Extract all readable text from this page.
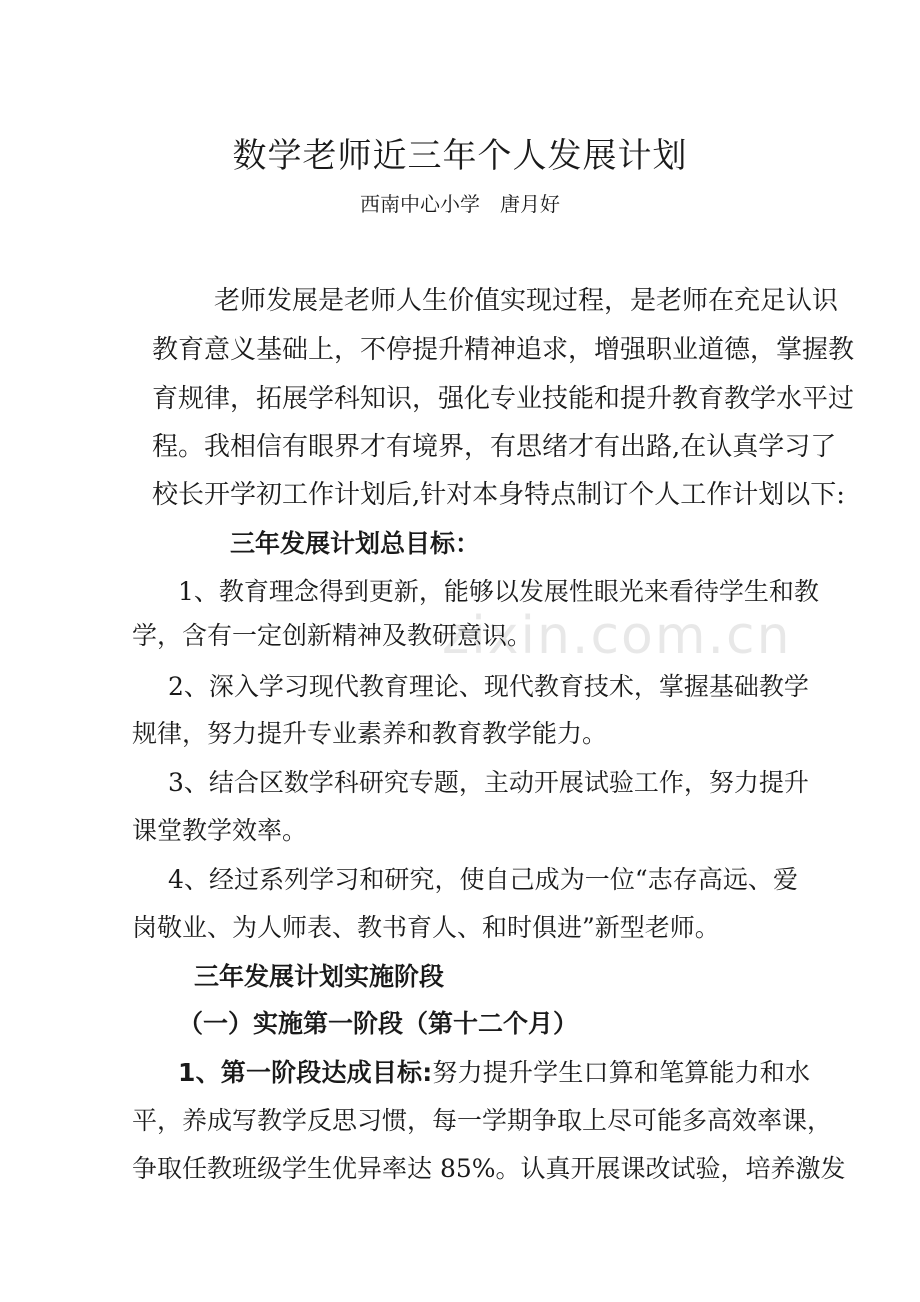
数学老师近三年个人发展计划
西南中心小学　唐月好
老师发展是老师人生价值实现过程，是老师在充足认识
教育意义基础上，不停提升精神追求，增强职业道德，掌握教
育规律，拓展学科知识，强化专业技能和提升教育教学水平过
程。我相信有眼界才有境界，有思绪才有出路,在认真学习了
校长开学初工作计划后,针对本身特点制订个人工作计划以下:
三年发展计划总目标：
1、教育理念得到更新，能够以发展性眼光来看待学生和教
学，含有一定创新精神及教研意识。
2、深入学习现代教育理论、现代教育技术，掌握基础教学
规律，努力提升专业素养和教育教学能力。
3、结合区数学科研究专题，主动开展试验工作，努力提升
课堂教学效率。
4、经过系列学习和研究，使自己成为一位“志存高远、爱
岗敬业、为人师表、教书育人、和时俱进”新型老师。
三年发展计划实施阶段
（一）实施第一阶段（第十二个月）
1、第一阶段达成目标:努力提升学生口算和笔算能力和水
平，养成写教学反思习惯，每一学期争取上尽可能多高效率课，
争取任教班级学生优异率达 85%。认真开展课改试验，培养激发
zixin.com.cn
